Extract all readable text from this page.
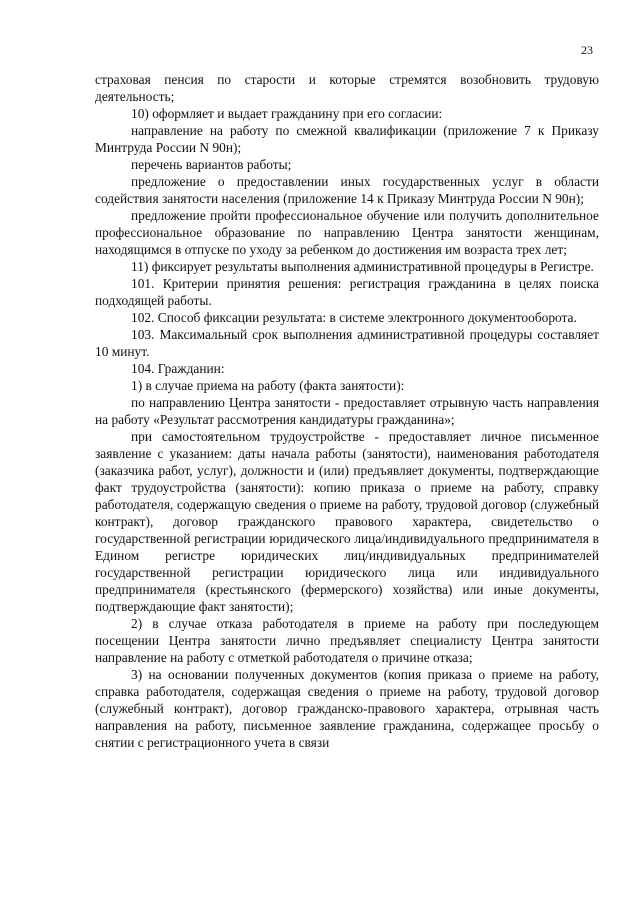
23

страховая пенсия по старости и которые стремятся возобновить трудовую деятельность;

10) оформляет и выдает гражданину при его согласии:

направление на работу по смежной квалификации (приложение 7 к Приказу Минтруда России N 90н);

перечень вариантов работы;

предложение о предоставлении иных государственных услуг в области содействия занятости населения (приложение 14 к Приказу Минтруда России N 90н);

предложение пройти профессиональное обучение или получить дополнительное профессиональное образование по направлению Центра занятости женщинам, находящимся в отпуске по уходу за ребенком до достижения им возраста трех лет;

11) фиксирует результаты выполнения административной процедуры в Регистре.

101. Критерии принятия решения: регистрация гражданина в целях поиска подходящей работы.

102. Способ фиксации результата: в системе электронного документооборота.

103. Максимальный срок выполнения административной процедуры составляет 10 минут.

104. Гражданин:

1) в случае приема на работу (факта занятости):

по направлению Центра занятости - предоставляет отрывную часть направления на работу «Результат рассмотрения кандидатуры гражданина»;

при самостоятельном трудоустройстве - предоставляет личное письменное заявление с указанием: даты начала работы (занятости), наименования работодателя (заказчика работ, услуг), должности и (или) предъявляет документы, подтверждающие факт трудоустройства (занятости): копию приказа о приеме на работу, справку работодателя, содержащую сведения о приеме на работу, трудовой договор (служебный контракт), договор гражданского правового характера, свидетельство о государственной регистрации юридического лица/индивидуального предпринимателя в Едином регистре юридических лиц/индивидуальных предпринимателей государственной регистрации юридического лица или индивидуального предпринимателя (крестьянского (фермерского) хозяйства) или иные документы, подтверждающие факт занятости);

2) в случае отказа работодателя в приеме на работу при последующем посещении Центра занятости лично предъявляет специалисту Центра занятости направление на работу с отметкой работодателя о причине отказа;

3) на основании полученных документов (копия приказа о приеме на работу, справка работодателя, содержащая сведения о приеме на работу, трудовой договор (служебный контракт), договор гражданско-правового характера, отрывная часть направления на работу, письменное заявление гражданина, содержащее просьбу о снятии с регистрационного учета в связи
